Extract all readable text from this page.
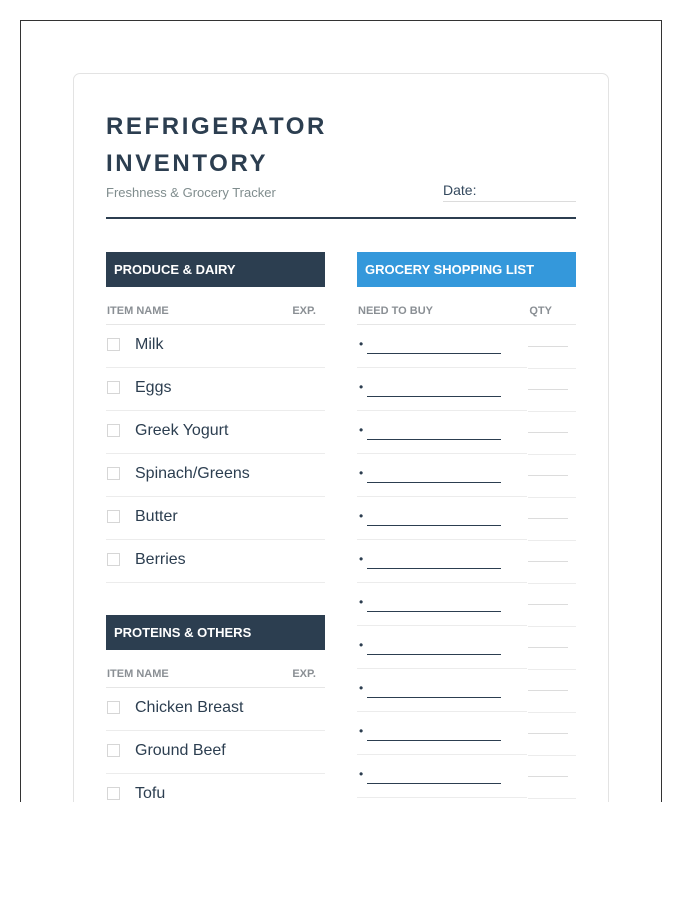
REFRIGERATOR
INVENTORY
Freshness & Grocery Tracker	Date:
PRODUCE & DAIRY
ITEM NAME	EXP.
Milk
Eggs
Greek Yogurt
Spinach/Greens
Butter
Berries
PROTEINS & OTHERS
ITEM NAME	EXP.
Chicken Breast
Ground Beef
Tofu
GROCERY SHOPPING LIST
NEED TO BUY	QTY
•
•
•
•
•
•
•
•
•
•
•
